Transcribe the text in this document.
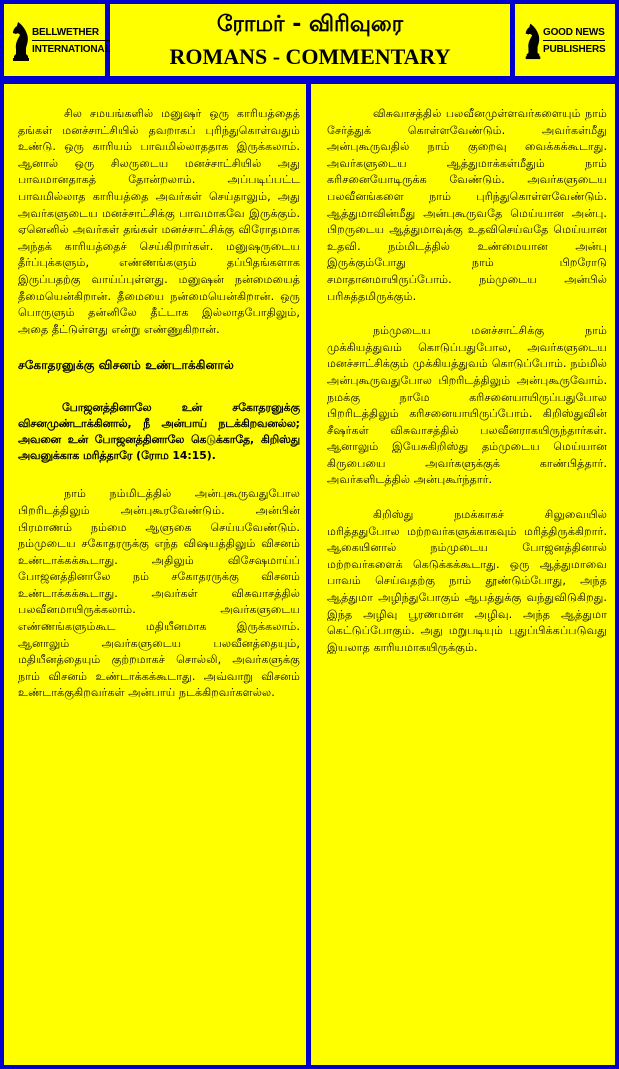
BELLWETHER
INTERNATIONAL
ரோமர் - விரிவுரை
ROMANS - COMMENTARY
GOOD NEWS
PUBLISHERS

சில சமயங்களில் மனுஷர் ஒரு காரியத்தைத் தங்கள் மனச்சாட்சியில் தவறாகப் புரிந்துகொள்வதும் உண்டு. ஒரு காரியம் பாவமில்லாததாக இருக்கலாம். ஆனால் ஒரு சிலருடைய மனச்சாட்சியில் அது பாவமானதாகத் தோன்றலாம். அப்படிப்பட்ட பாவமில்லாத காரியத்தை அவர்கள் செய்தாலும், அது அவர்களுடைய மனச்சாட்சிக்கு பாவமாகவே இருக்கும். ஏனெனில் அவர்கள் தங்கள் மனச்சாட்சிக்கு விரோதமாக அந்தக் காரியத்தைச் செய்கிறார்கள். மனுஷருடைய தீர்ப்புக்களும், எண்ணங்களும் தப்பிதங்களாக இருப்பதற்கு வாய்ப்புள்ளது. மனுஷன் நன்மையைத் தீமையென்கிறான். தீமையை நன்மையென்கிறான். ஒரு பொருளும் தன்னிலே தீட்டாக இல்லாதபோதிலும், அதை தீட்டுள்ளது என்று எண்ணுகிறான்.

சகோதரனுக்கு விசனம் உண்டாக்கினால்

போஜனத்தினாலே உன் சகோதரனுக்கு விசனமுண்டாக்கினால், நீ அன்பாய் நடக்கிறவனல்ல; அவனை உன் போஜனத்தினாலே கெடுக்காதே, கிறிஸ்து அவனுக்காக மரித்தாரே (ரோம 14:15).

நாம் நம்மிடத்தில் அன்புகூருவதுபோல பிறரிடத்திலும் அன்புகூரவேண்டும். அன்பின் பிரமாணம் நம்மை ஆளுகை செய்யவேண்டும். நம்முடைய சகோதரருக்கு எந்த விஷயத்திலும் விசனம் உண்டாக்கக்கூடாது. அதிலும் விசேஷமாய்ப் போஜனத்தினாலே நம் சகோதரருக்கு விசனம் உண்டாக்கக்கூடாது. அவர்கள் விசுவாசத்தில் பலவீனமாயிருக்கலாம். அவர்களுடைய எண்ணங்களும்கூட மதியீனமாக இருக்கலாம். ஆனாலும் அவர்களுடைய பலவீனத்தையும், மதியீனத்தையும் குற்றமாகச் சொல்லி, அவர்களுக்கு நாம் விசனம் உண்டாக்கக்கூடாது. அவ்வாறு விசனம் உண்டாக்குகிறவர்கள் அன்பாய் நடக்கிறவர்களல்ல.

விசுவாசத்தில் பலவீனமுள்ளவர்களையும் நாம் சேர்த்துக் கொள்ளவேண்டும். அவர்கள்மீது அன்புகூருவதில் நாம் குறைவு வைக்கக்கூடாது. அவர்களுடைய ஆத்துமாக்கள்மீதும் நாம் கரிசனையோடிருக்க வேண்டும். அவர்களுடைய பலவீனங்களை நாம் புரிந்துகொள்ளவேண்டும். ஆத்துமாவின்மீது அன்புகூருவதே மெய்யான அன்பு. பிறருடைய ஆத்துமாவுக்கு உதவிசெய்வதே மெய்யான உதவி. நம்மிடத்தில் உண்மையான அன்பு இருக்கும்போது நாம் பிறரோடு சமாதானமாயிருப்போம். நம்முடைய அன்பில் பரிசுத்தமிருக்கும்.

நம்முடைய மனச்சாட்சிக்கு நாம் முக்கியத்துவம் கொடுப்பதுபோல, அவர்களுடைய மனச்சாட்சிக்கும் முக்கியத்துவம் கொடுப்போம். நம்மில் அன்புகூருவதுபோல பிறரிடத்திலும் அன்புகூருவோம். நமக்கு நாமே கரிசனையாயிருப்பதுபோல பிறரிடத்திலும் கரிசனையாயிருப்போம். கிறிஸ்துவின் சீஷர்கள் விசுவாசத்தில் பலவீனராகயிருந்தார்கள். ஆனாலும் இயேசுகிறிஸ்து தம்முடைய மெய்யான கிருபையை அவர்களுக்குக் காண்பித்தார். அவர்களிடத்தில் அன்புகூர்ந்தார்.

கிறிஸ்து நமக்காகச் சிலுவையில் மரித்ததுபோல மற்றவர்களுக்காகவும் மரித்திருக்கிறார். ஆகையினால் நம்முடைய போஜனத்தினால் மற்றவர்களைக் கெடுக்கக்கூடாது. ஒரு ஆத்துமாவை பாவம் செய்வதற்கு நாம் தூண்டும்போது, அந்த ஆத்துமா அழிந்துபோகும் ஆபத்துக்கு வந்துவிடுகிறது. இந்த அழிவு பூரணமான அழிவு. அந்த ஆத்துமா கெட்டுப்போகும். அது மறுபடியும் புதுப்பிக்கப்படுவது இயலாத காரியமாகயிருக்கும்.
